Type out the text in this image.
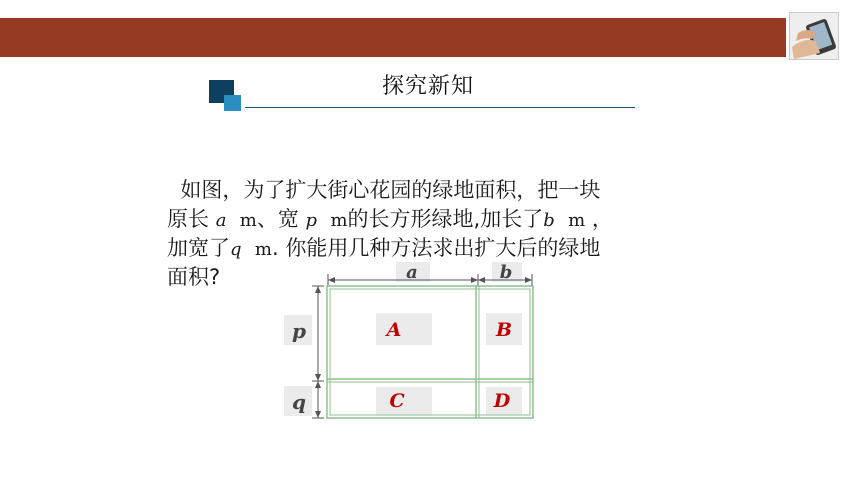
探究新知
如图，为了扩大街心花园的绿地面积，把一块
原长 a m、宽 p m的长方形绿地,加长了b m ，
加宽了q m. 你能用几种方法求出扩大后的绿地
面积?	a	b
p
q
A	B
C	D
